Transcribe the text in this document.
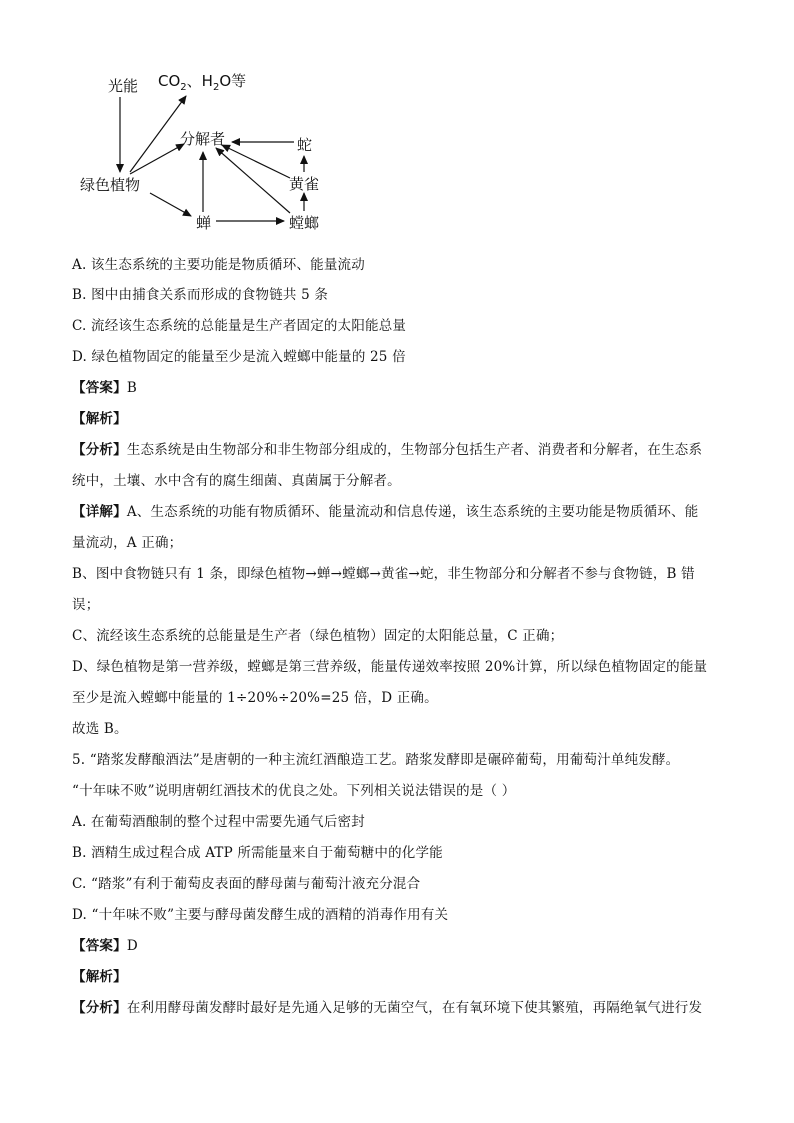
光能 $CO_2$、$H_2O$等
分解者	蛇
绿色植物	黄雀
蝉	螳螂
A. 该生态系统的主要功能是物质循环、能量流动
B. 图中由捕食关系而形成的食物链共 5 条
C. 流经该生态系统的总能量是生产者固定的太阳能总量
D. 绿色植物固定的能量至少是流入螳螂中能量的 25 倍
【答案】B
【解析】
【分析】生态系统是由生物部分和非生物部分组成的，生物部分包括生产者、消费者和分解者，在生态系
统中，土壤、水中含有的腐生细菌、真菌属于分解者。
【详解】A、生态系统的功能有物质循环、能量流动和信息传递，该生态系统的主要功能是物质循环、能
量流动，A 正确；
B、图中食物链只有 1 条，即绿色植物→蝉→螳螂→黄雀→蛇，非生物部分和分解者不参与食物链，B 错
误；
C、流经该生态系统的总能量是生产者（绿色植物）固定的太阳能总量，C 正确；
D、绿色植物是第一营养级，螳螂是第三营养级，能量传递效率按照 20%计算，所以绿色植物固定的能量
至少是流入螳螂中能量的 1÷20%÷20%=25 倍，D 正确。
故选 B。
5. “踏浆发酵酿酒法”是唐朝的一种主流红酒酿造工艺。踏浆发酵即是碾碎葡萄，用葡萄汁单纯发酵。
“十年味不败”说明唐朝红酒技术的优良之处。下列相关说法错误的是（ ）
A. 在葡萄酒酿制的整个过程中需要先通气后密封
B. 酒精生成过程合成 ATP 所需能量来自于葡萄糖中的化学能
C. “踏浆”有利于葡萄皮表面的酵母菌与葡萄汁液充分混合
D. “十年味不败”主要与酵母菌发酵生成的酒精的消毒作用有关
【答案】D
【解析】
【分析】在利用酵母菌发酵时最好是先通入足够的无菌空气，在有氧环境下使其繁殖，再隔绝氧气进行发
